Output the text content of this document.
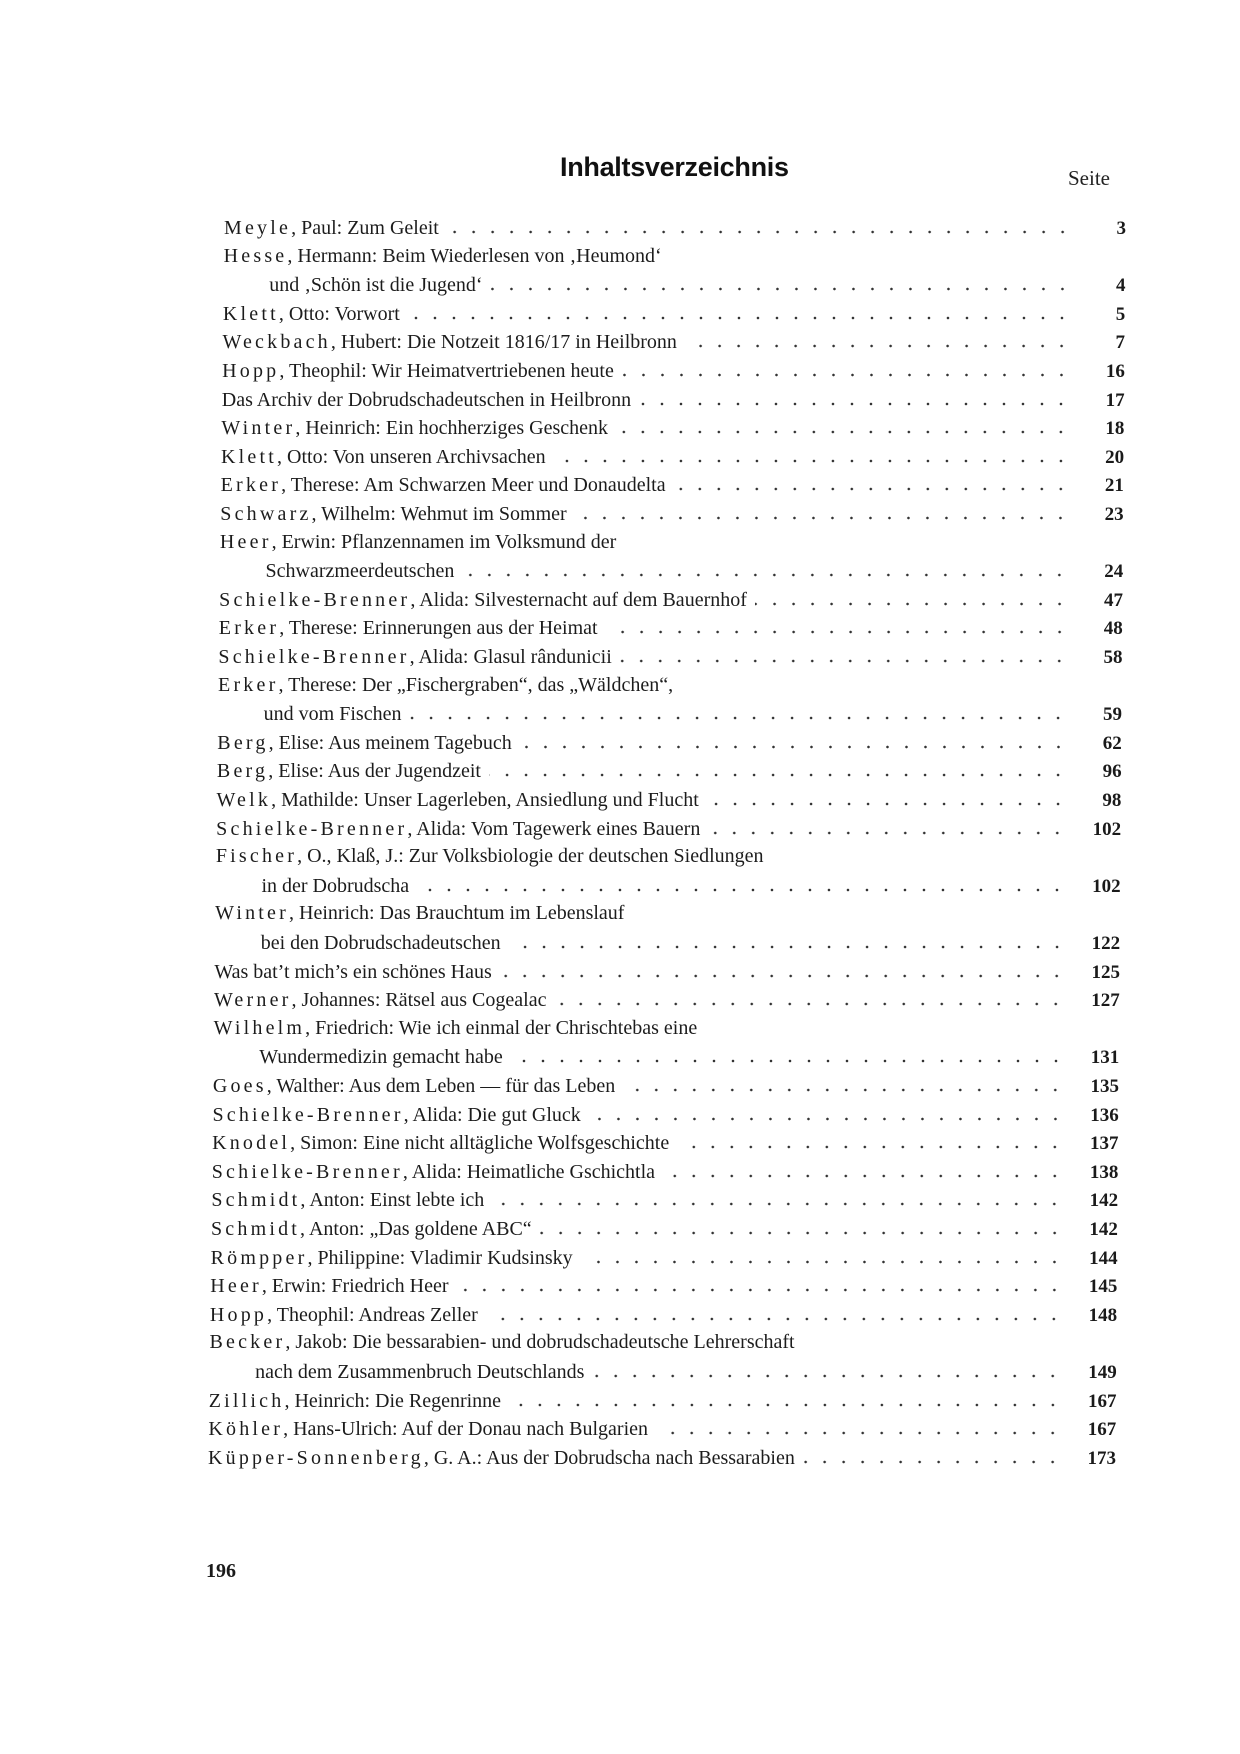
Inhaltsverzeichnis	Seite
Meyle , Paul: Zum Geleit	3
Hesse , Hermann: Beim Wiederlesen von ‚Heumond‘
und ‚Schön ist die Jugend‘	4
Klett , Otto: Vorwort	5
Weckbach , Hubert: Die Notzeit 1816/17 in Heilbronn	7
Hopp , Theophil: Wir Heimatvertriebenen heute	16
Das Archiv der Dobrudschadeutschen in Heilbronn	17
Winter , Heinrich: Ein hochherziges Geschenk	18
Klett , Otto: Von unseren Archivsachen	20
Erker , Therese: Am Schwarzen Meer und Donaudelta	21
Schwarz , Wilhelm: Wehmut im Sommer	23
Heer , Erwin: Pflanzennamen im Volksmund der
Schwarzmeerdeutschen	24
Schielke-Brenner , Alida: Silvesternacht auf dem Bauernhof	47
Erker , Therese: Erinnerungen aus der Heimat	48
Schielke-Brenner , Alida: Glasul rândunicii	58
Erker , Therese: Der „Fischergraben“, das „Wäldchen“,
und vom Fischen	59
Berg , Elise: Aus meinem Tagebuch	62
Berg , Elise: Aus der Jugendzeit	96
Welk , Mathilde: Unser Lagerleben, Ansiedlung und Flucht	98
Schielke-Brenner , Alida: Vom Tagewerk eines Bauern	102
Fischer , O., Klaß, J.: Zur Volksbiologie der deutschen Siedlungen
in der Dobrudscha	102
Winter , Heinrich: Das Brauchtum im Lebenslauf
bei den Dobrudschadeutschen	122
Was bat’t mich’s ein schönes Haus	125
Werner , Johannes: Rätsel aus Cogealac	127
Wilhelm , Friedrich: Wie ich einmal der Chrischtebas eine
Wundermedizin gemacht habe	131
Goes , Walther: Aus dem Leben — für das Leben	135
Schielke-Brenner , Alida: Die gut Gluck	136
Knodel , Simon: Eine nicht alltägliche Wolfsgeschichte	137
Schielke-Brenner , Alida: Heimatliche Gschichtla	138
Schmidt , Anton: Einst lebte ich	142
Schmidt , Anton: „Das goldene ABC“	142
Römpper , Philippine: Vladimir Kudsinsky	144
Heer , Erwin: Friedrich Heer	145
Hopp , Theophil: Andreas Zeller	148
Becker , Jakob: Die bessarabien- und dobrudschadeutsche Lehrerschaft
nach dem Zusammenbruch Deutschlands	149
Zillich , Heinrich: Die Regenrinne	167
Köhler , Hans-Ulrich: Auf der Donau nach Bulgarien	167
Küpper-Sonnenberg , G. A.: Aus der Dobrudscha nach Bessarabien	173
196
